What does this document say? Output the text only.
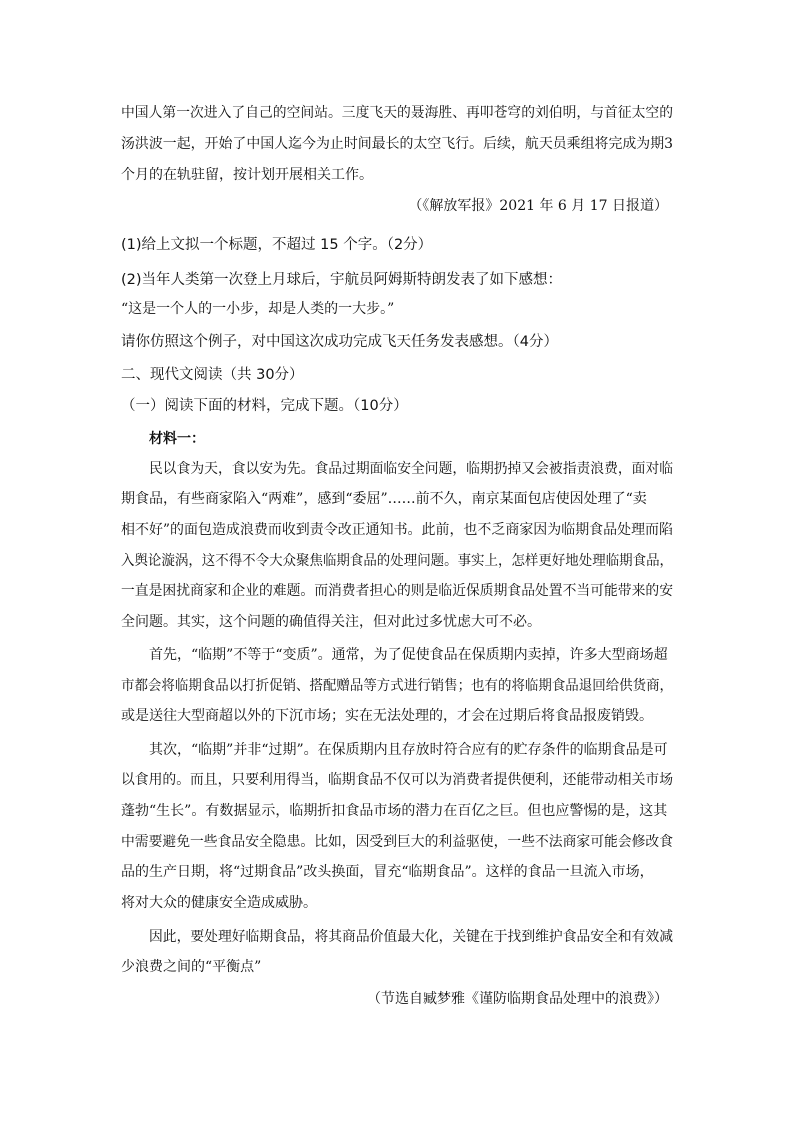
中国人第一次进入了自己的空间站。三度飞天的聂海胜、再叩苍穹的刘伯明，与首征太空的
汤洪波一起，开始了中国人迄今为止时间最长的太空飞行。后续，航天员乘组将完成为期3
个月的在轨驻留，按计划开展相关工作。
（《解放军报》2021 年 6 月 17 日报道）
(1)给上文拟一个标题，不超过 15 个字。（2分）
(2)当年人类第一次登上月球后，宇航员阿姆斯特朗发表了如下感想：
“这是一个人的一小步，却是人类的一大步。”
请你仿照这个例子，对中国这次成功完成飞天任务发表感想。（4分）
二、现代文阅读（共 30分）
（一）阅读下面的材料，完成下题。（10分）
材料一：
民以食为天，食以安为先。食品过期面临安全问题，临期扔掉又会被指责浪费，面对临
期食品，有些商家陷入“两难”，感到“委屈”……前不久，南京某面包店使因处理了“卖
相不好”的面包造成浪费而收到责令改正通知书。此前，也不乏商家因为临期食品处理而陷
入舆论漩涡，这不得不令大众聚焦临期食品的处理问题。事实上，怎样更好地处理临期食品，
一直是困扰商家和企业的难题。而消费者担心的则是临近保质期食品处置不当可能带来的安
全问题。其实，这个问题的确值得关注，但对此过多忧虑大可不必。
首先，“临期”不等于“变质”。通常，为了促使食品在保质期内卖掉，许多大型商场超
市都会将临期食品以打折促销、搭配赠品等方式进行销售；也有的将临期食品退回给供货商，
或是送往大型商超以外的下沉市场；实在无法处理的，才会在过期后将食品报废销毁。
其次，“临期”并非“过期”。在保质期内且存放时符合应有的贮存条件的临期食品是可
以食用的。而且，只要利用得当，临期食品不仅可以为消费者提供便利，还能带动相关市场
蓬勃“生长”。有数据显示，临期折扣食品市场的潜力在百亿之巨。但也应警惕的是，这其
中需要避免一些食品安全隐患。比如，因受到巨大的利益驱使，一些不法商家可能会修改食
品的生产日期，将“过期食品”改头换面，冒充“临期食品”。这样的食品一旦流入市场，
将对大众的健康安全造成威胁。
因此，要处理好临期食品，将其商品价值最大化，关键在于找到维护食品安全和有效减
少浪费之间的“平衡点”
（节选自臧梦雅《谨防临期食品处理中的浪费》）
